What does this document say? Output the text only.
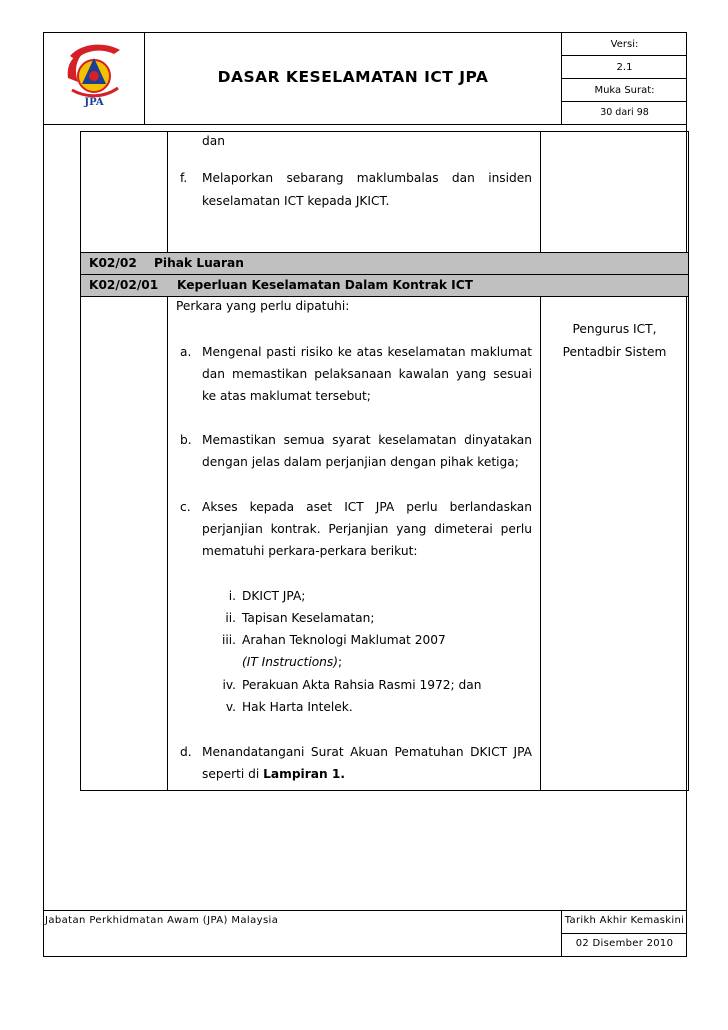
JPA
DASAR KESELAMATAN ICT JPA
Versi:
2.1
Muka Surat:
30 dari 98
dan
f. Melaporkan sebarang maklumbalas dan insiden
keselamatan ICT kepada JKICT.
K02/02 Pihak Luaran
K02/02/01 Keperluan Keselamatan Dalam Kontrak ICT
Perkara yang perlu dipatuhi:
Pengurus ICT,
Pentadbir Sistem
a. Mengenal pasti risiko ke atas keselamatan maklumat
dan memastikan pelaksanaan kawalan yang sesuai
ke atas maklumat tersebut;
b. Memastikan semua syarat keselamatan dinyatakan
dengan jelas dalam perjanjian dengan pihak ketiga;
c. Akses kepada aset ICT JPA perlu berlandaskan
perjanjian kontrak. Perjanjian yang dimeterai perlu
mematuhi perkara-perkara berikut:
i. DKICT JPA;
ii. Tapisan Keselamatan;
iii. Arahan Teknologi Maklumat 2007
(IT Instructions);
iv. Perakuan Akta Rahsia Rasmi 1972; dan
v. Hak Harta Intelek.
d. Menandatangani Surat Akuan Pematuhan DKICT JPA
seperti di Lampiran 1.
Jabatan Perkhidmatan Awam (JPA) Malaysia	Tarikh Akhir Kemaskini
02 Disember 2010
